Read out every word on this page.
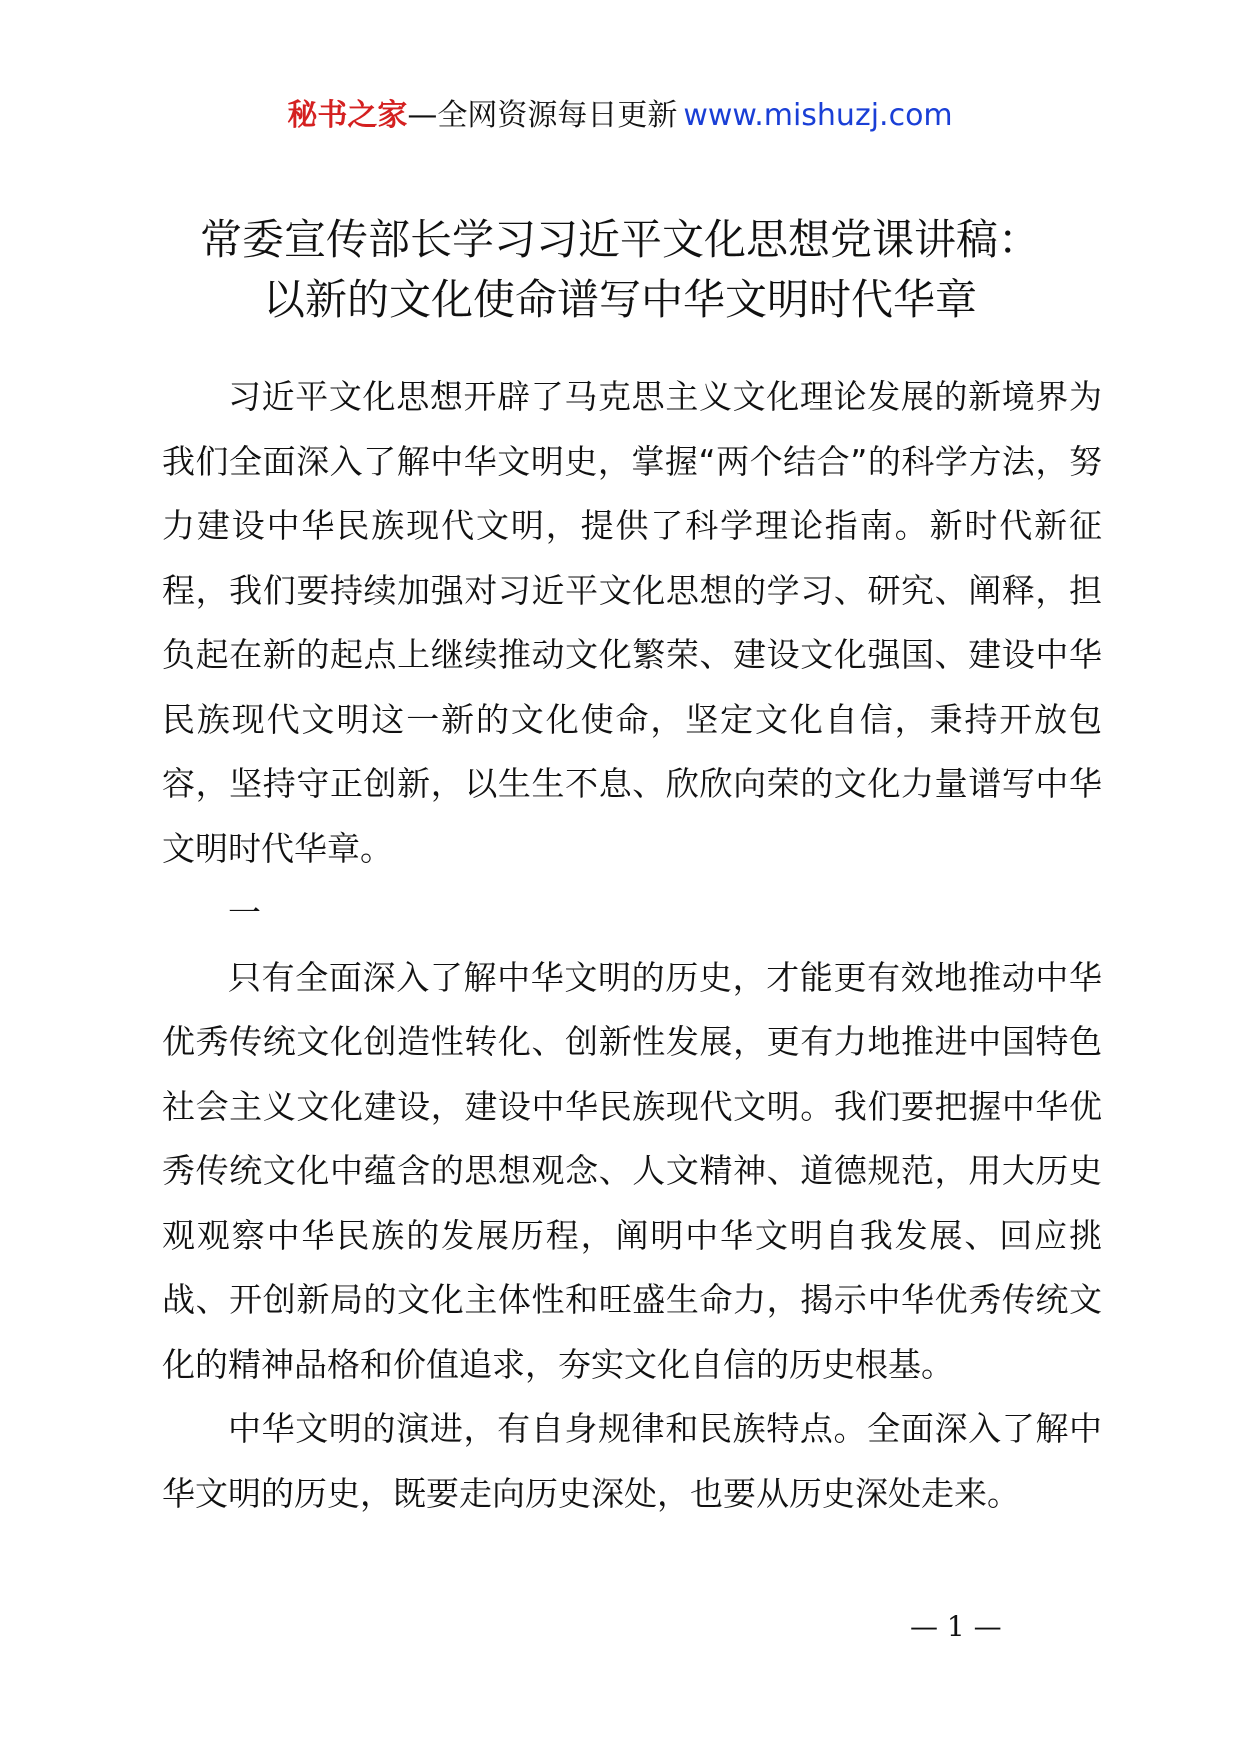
秘书之家—全网资源每日更新 www.mishuzj.com
常委宣传部长学习习近平文化思想党课讲稿：
以新的文化使命谱写中华文明时代华章

习近平文化思想开辟了马克思主义文化理论发展的新境界为我们全面深入了解中华文明史，掌握“两个结合”的科学方法，努力建设中华民族现代文明，提供了科学理论指南。新时代新征程，我们要持续加强对习近平文化思想的学习、研究、阐释，担负起在新的起点上继续推动文化繁荣、建设文化强国、建设中华民族现代文明这一新的文化使命，坚定文化自信，秉持开放包容，坚持守正创新，以生生不息、欣欣向荣的文化力量谱写中华文明时代华章。

一

只有全面深入了解中华文明的历史，才能更有效地推动中华优秀传统文化创造性转化、创新性发展，更有力地推进中国特色社会主义文化建设，建设中华民族现代文明。我们要把握中华优秀传统文化中蕴含的思想观念、人文精神、道德规范，用大历史观观察中华民族的发展历程，阐明中华文明自我发展、回应挑战、开创新局的文化主体性和旺盛生命力，揭示中华优秀传统文化的精神品格和价值追求，夯实文化自信的历史根基。

中华文明的演进，有自身规律和民族特点。全面深入了解中华文明的历史，既要走向历史深处，也要从历史深处走来。

— 1 —
